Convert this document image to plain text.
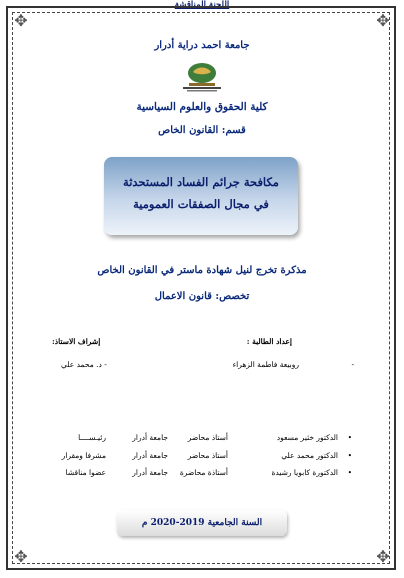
✥	✥
✥	✥
جامعة احمد دراية أدرار
كلية الحقوق والعلوم السياسية
قسم: القانون الخاص
مكافحة جرائم الفساد المستحدثة
في مجال الصفقات العمومية
مذكرة تخرج لنيل شهادة ماستر في القانون الخاص
تخصص: قانون الاعمال
إعداد الطالبة :
إشراف الاستاذ:
-
روبيعة فاطمة الزهراء
- د. محمد علي
اللجنة المناقشة
•
الدكتور خثير مسعود
أستاذ محاضر
جامعة أدرار
رئيـســــا
•
الدكتور محمد علي
أستاذ محاضر
جامعة أدرار
مشرفا ومقرار
•
الدكتورة كابويا رشيدة
أستاذة محاضرة
جامعة أدرار
عضوا مناقشا
السنة الجامعية 2019-2020 م
